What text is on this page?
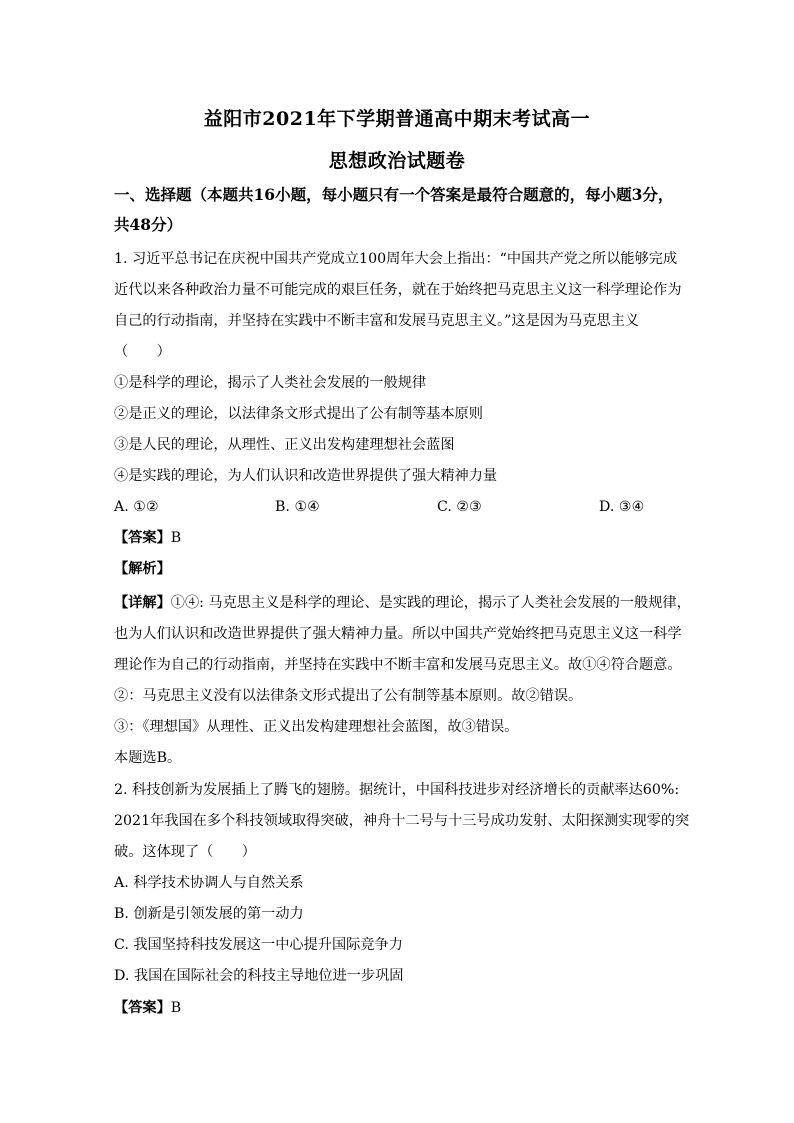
益阳市2021年下学期普通高中期末考试高一
思想政治试题卷
一、选择题（本题共16小题，每小题只有一个答案是最符合题意的，每小题3分，
共48分）
1. 习近平总书记在庆祝中国共产党成立100周年大会上指出：“中国共产党之所以能够完成
近代以来各种政治力量不可能完成的艰巨任务，就在于始终把马克思主义这一科学理论作为
自己的行动指南，并坚持在实践中不断丰富和发展马克思主义。”这是因为马克思主义
（　　）
①是科学的理论，揭示了人类社会发展的一般规律
②是正义的理论，以法律条文形式提出了公有制等基本原则
③是人民的理论，从理性、正义出发构建理想社会蓝图
④是实践的理论，为人们认识和改造世界提供了强大精神力量
A. ①②	B. ①④	C. ②③	D. ③④
【答案】B
【解析】
【详解】①④: 马克思主义是科学的理论、是实践的理论，揭示了人类社会发展的一般规律，
也为人们认识和改造世界提供了强大精神力量。所以中国共产党始终把马克思主义这一科学
理论作为自己的行动指南，并坚持在实践中不断丰富和发展马克思主义。故①④符合题意。
②：马克思主义没有以法律条文形式提出了公有制等基本原则。故②错误。
③：《理想国》从理性、正义出发构建理想社会蓝图，故③错误。
本题选B。
2. 科技创新为发展插上了腾飞的翅膀。据统计，中国科技进步对经济增长的贡献率达60%:
2021年我国在多个科技领域取得突破，神舟十二号与十三号成功发射、太阳探测实现零的突
破。这体现了（　　）
A. 科学技术协调人与自然关系
B. 创新是引领发展的第一动力
C. 我国坚持科技发展这一中心提升国际竞争力
D. 我国在国际社会的科技主导地位进一步巩固
【答案】B
